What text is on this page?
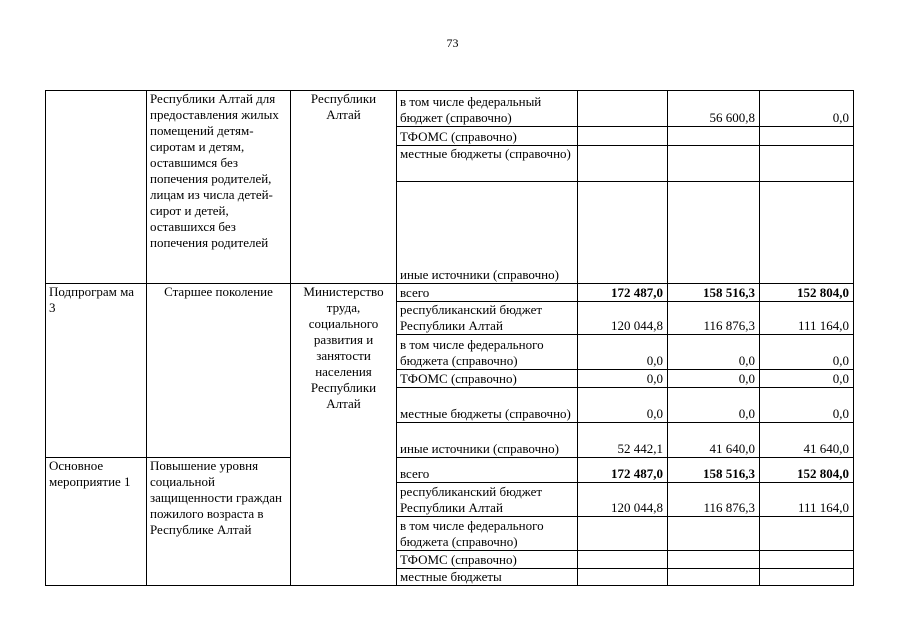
73
	Республики Алтай для предоставления жилых помещений детям-сиротам и детям, оставшимся без попечения родителей, лицам из числа детей-сирот и детей, оставшихся без попечения родителей	Республики Алтай	в том числе федеральный бюджет (справочно)		56 600,8	0,0
			ТФОМС (справочно)			
			местные бюджеты (справочно)			
			иные источники (справочно)			
Подпрограм ма 3	Старшее поколение	Министерство труда, социального развития и занятости населения Республики Алтай	всего	172 487,0	158 516,3	152 804,0
			республиканский бюджет Республики Алтай	120 044,8	116 876,3	111 164,0
			в том числе федерального бюджета (справочно)	0,0	0,0	0,0
			ТФОМС (справочно)	0,0	0,0	0,0
			местные бюджеты (справочно)	0,0	0,0	0,0
			иные источники (справочно)	52 442,1	41 640,0	41 640,0
Основное мероприятие 1	Повышение уровня социальной защищенности граждан пожилого возраста в Республике Алтай		всего	172 487,0	158 516,3	152 804,0
			республиканский бюджет Республики Алтай	120 044,8	116 876,3	111 164,0
			в том числе федерального бюджета (справочно)			
			ТФОМС (справочно)			
			местные бюджеты			
